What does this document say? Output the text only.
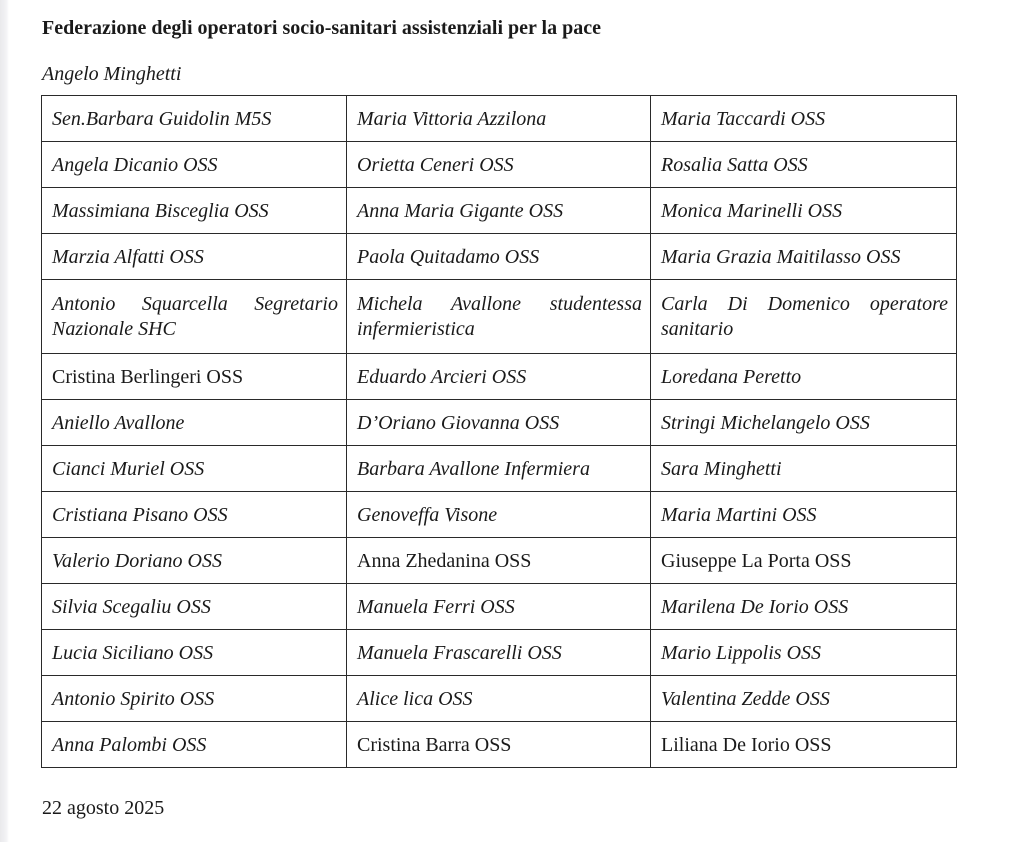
Federazione degli operatori socio-sanitari assistenziali per la pace
Angelo Minghetti
Sen.Barbara Guidolin M5S	Maria Vittoria Azzilona	Maria Taccardi OSS
Angela Dicanio OSS	Orietta Ceneri OSS	Rosalia Satta OSS
Massimiana Bisceglia OSS	Anna Maria Gigante OSS	Monica Marinelli OSS
Marzia Alfatti OSS	Paola Quitadamo OSS	Maria Grazia Maitilasso OSS
Antonio Squarcella Segretario Nazionale SHC	Michela Avallone studentessa infermieristica	Carla Di Domenico operatore sanitario
Cristina Berlingeri OSS	Eduardo Arcieri OSS	Loredana Peretto
Aniello Avallone	D’Oriano Giovanna OSS	Stringi Michelangelo OSS
Cianci Muriel OSS	Barbara Avallone Infermiera	Sara Minghetti
Cristiana Pisano OSS	Genoveffa Visone	Maria Martini OSS
Valerio Doriano OSS	Anna Zhedanina OSS	Giuseppe La Porta OSS
Silvia Scegaliu OSS	Manuela Ferri OSS	Marilena De Iorio OSS
Lucia Siciliano OSS	Manuela Frascarelli OSS	Mario Lippolis OSS
Antonio Spirito OSS	Alice lica OSS	Valentina Zedde OSS
Anna Palombi OSS	Cristina Barra OSS	Liliana De Iorio OSS
22 agosto 2025
